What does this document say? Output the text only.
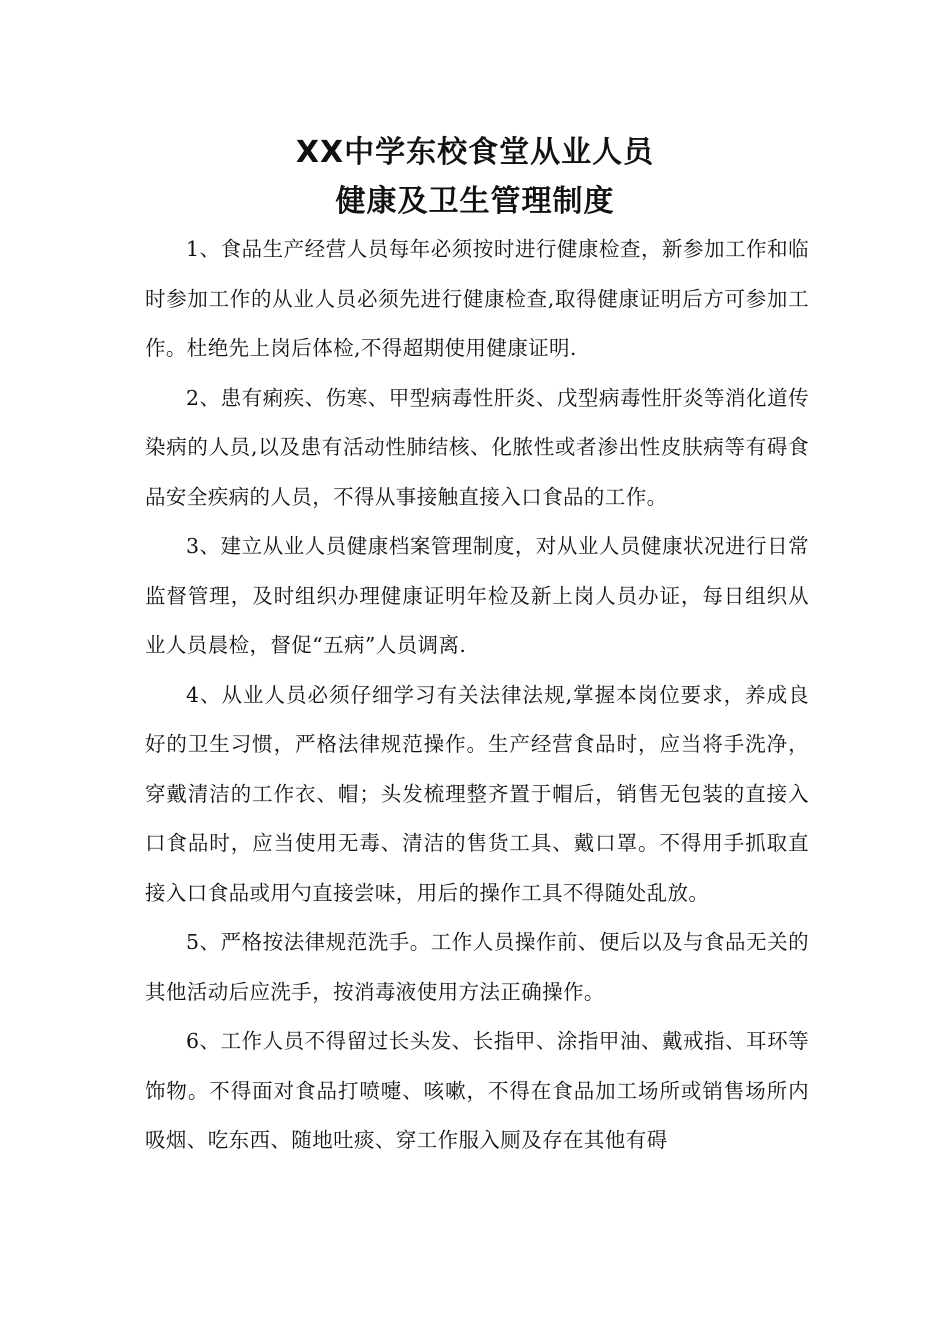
XX中学东校食堂从业人员
健康及卫生管理制度

1、食品生产经营人员每年必须按时进行健康检查，新参加工作和临时参加工作的从业人员必须先进行健康检查,取得健康证明后方可参加工作。杜绝先上岗后体检,不得超期使用健康证明.

2、患有痢疾、伤寒、甲型病毒性肝炎、戊型病毒性肝炎等消化道传染病的人员,以及患有活动性肺结核、化脓性或者渗出性皮肤病等有碍食品安全疾病的人员，不得从事接触直接入口食品的工作。

3、建立从业人员健康档案管理制度，对从业人员健康状况进行日常监督管理，及时组织办理健康证明年检及新上岗人员办证，每日组织从业人员晨检，督促“五病”人员调离.

4、从业人员必须仔细学习有关法律法规,掌握本岗位要求，养成良好的卫生习惯，严格法律规范操作。生产经营食品时，应当将手洗净，穿戴清洁的工作衣、帽；头发梳理整齐置于帽后，销售无包装的直接入口食品时，应当使用无毒、清洁的售货工具、戴口罩。不得用手抓取直接入口食品或用勺直接尝味，用后的操作工具不得随处乱放。

5、严格按法律规范洗手。工作人员操作前、便后以及与食品无关的其他活动后应洗手，按消毒液使用方法正确操作。

6、工作人员不得留过长头发、长指甲、涂指甲油、戴戒指、耳环等饰物。不得面对食品打喷嚏、咳嗽，不得在食品加工场所或销售场所内吸烟、吃东西、随地吐痰、穿工作服入厕及存在其他有碍
